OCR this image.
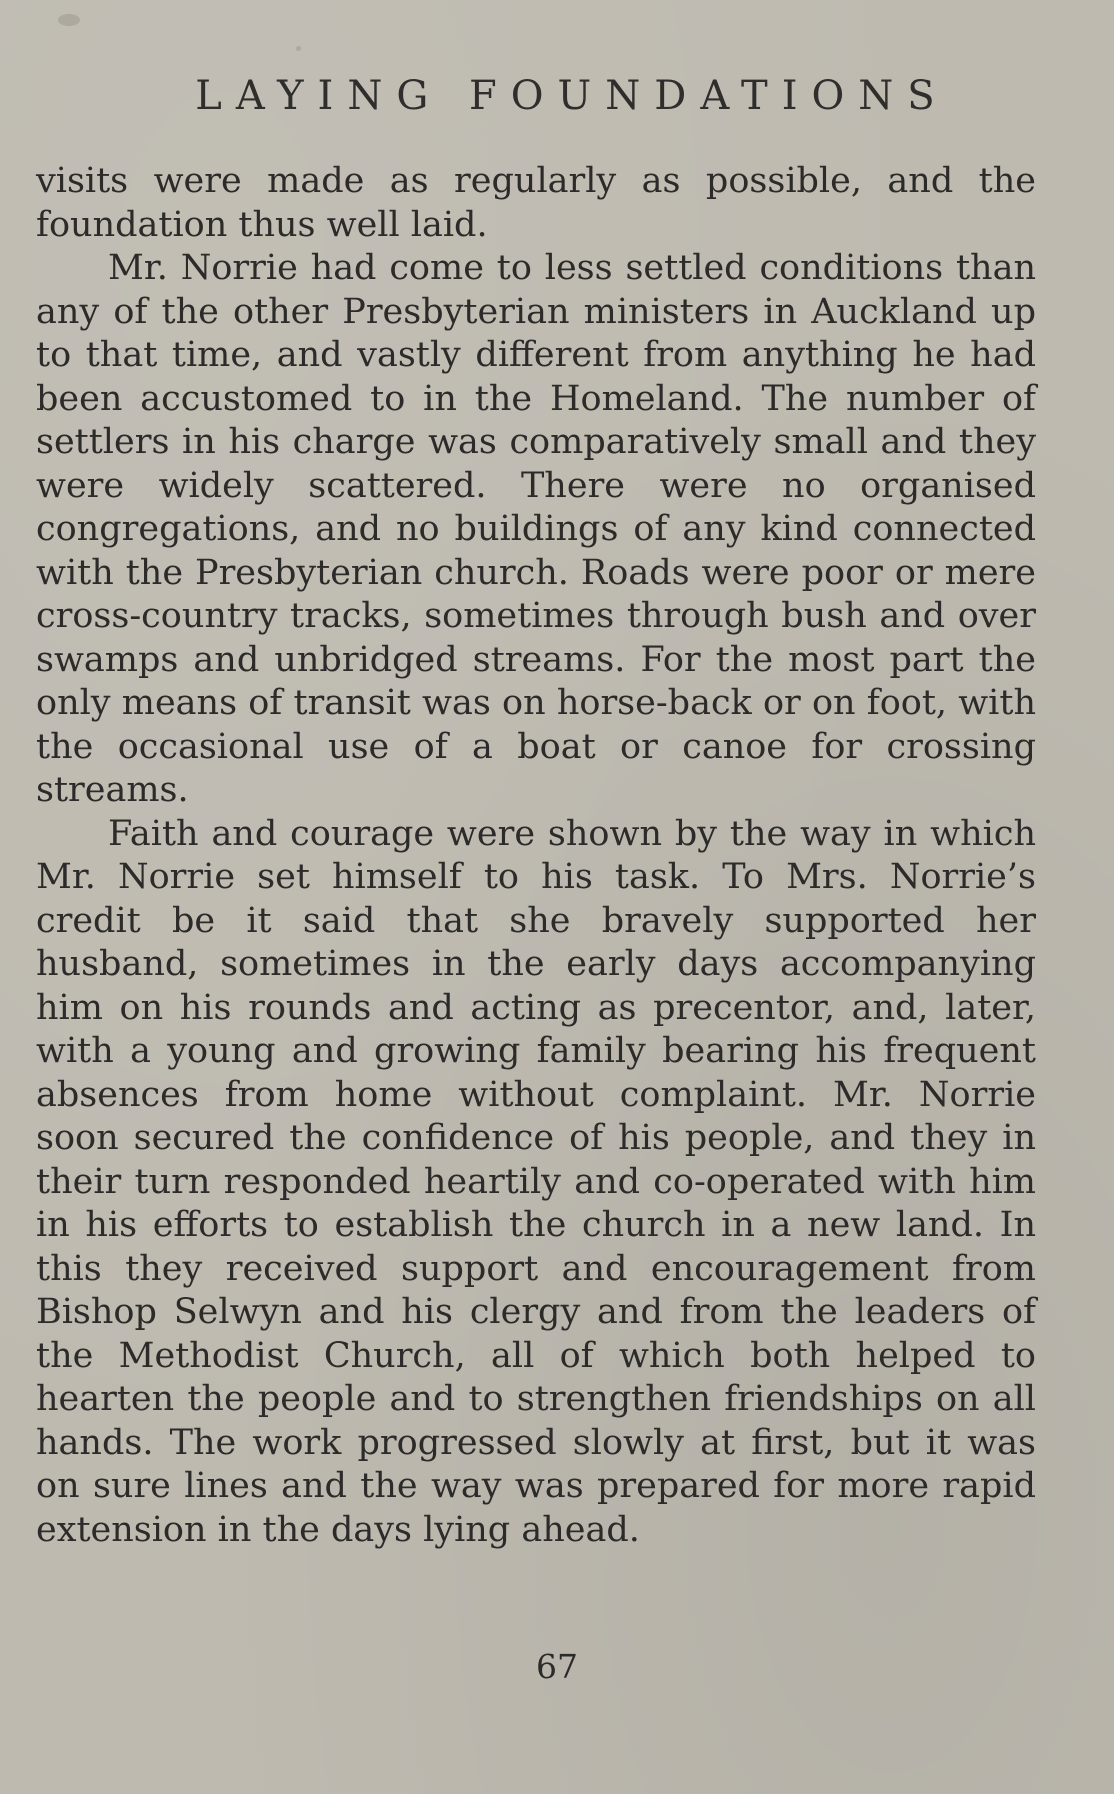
LAYING FOUNDATIONS

visits were made as regularly as possible, and the foundation thus well laid.

Mr. Norrie had come to less settled conditions than any of the other Presbyterian ministers in Auckland up to that time, and vastly different from anything he had been accustomed to in the Homeland. The number of settlers in his charge was comparatively small and they were widely scattered. There were no organised congregations, and no buildings of any kind connected with the Presbyterian church. Roads were poor or mere cross-country tracks, sometimes through bush and over swamps and unbridged streams. For the most part the only means of transit was on horse-back or on foot, with the occasional use of a boat or canoe for crossing streams.

Faith and courage were shown by the way in which Mr. Norrie set himself to his task. To Mrs. Norrie’s credit be it said that she bravely supported her husband, sometimes in the early days accompanying him on his rounds and acting as precentor, and, later, with a young and growing family bearing his frequent absences from home without complaint. Mr. Norrie soon secured the confidence of his people, and they in their turn responded heartily and co-operated with him in his efforts to establish the church in a new land. In this they received support and encouragement from Bishop Selwyn and his clergy and from the leaders of the Methodist Church, all of which both helped to hearten the people and to strengthen friendships on all hands. The work progressed slowly at first, but it was on sure lines and the way was prepared for more rapid extension in the days lying ahead.

67
